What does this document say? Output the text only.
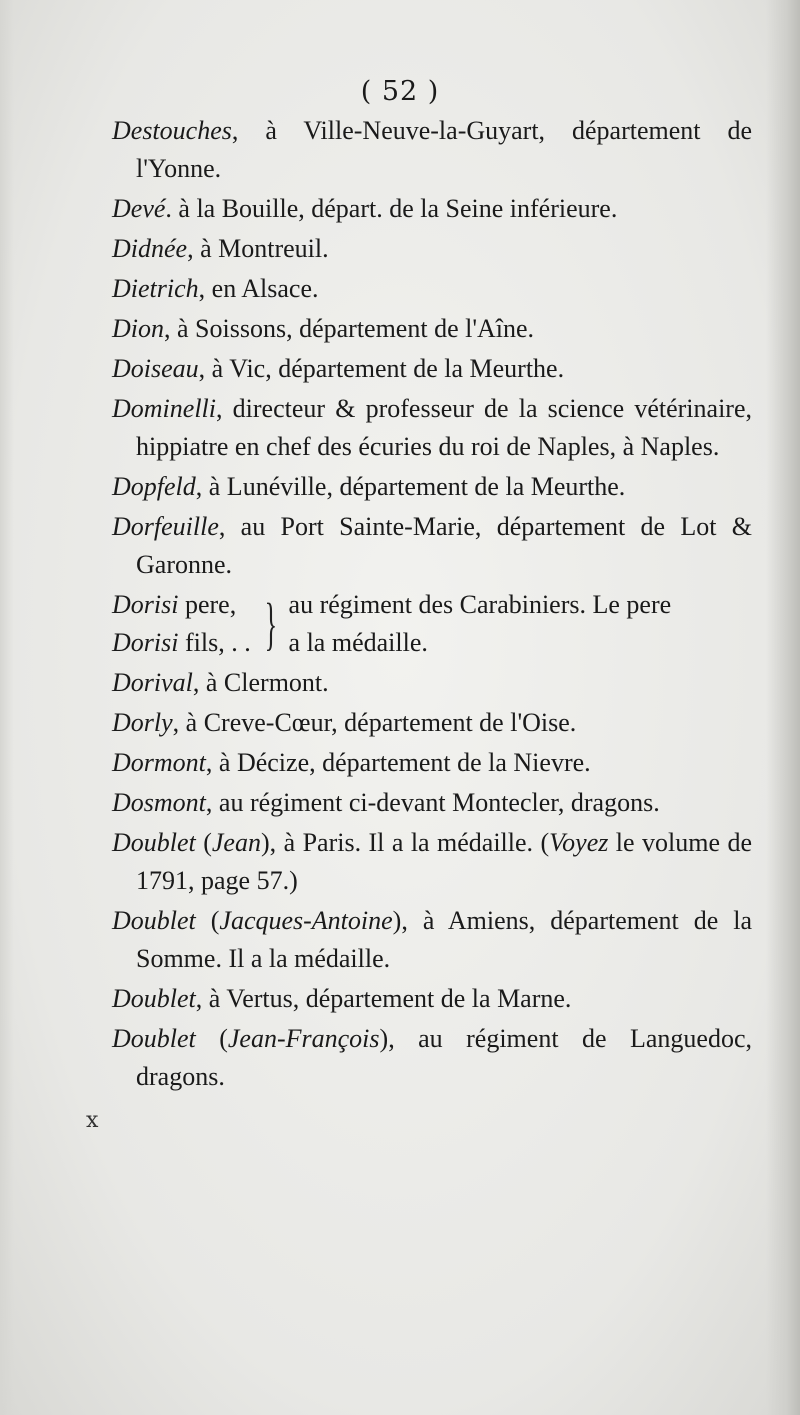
( 52 )
x

Destouches, à Ville-Neuve-la-Guyart, département de l'Yonne.

Devé. à la Bouille, départ. de la Seine inférieure.

Didnée, à Montreuil.

Dietrich, en Alsace.

Dion, à Soissons, département de l'Aîne.

Doiseau, à Vic, département de la Meurthe.

Dominelli, directeur & professeur de la science vétérinaire, hippiatre en chef des écuries du roi de Naples, à Naples.

Dopfeld, à Lunéville, département de la Meurthe.

Dorfeuille, au Port Sainte-Marie, département de Lot & Garonne.

Dorisi pere,
Dorisi fils, . . } au régiment des Carabiniers. Le pere
a la médaille.

Dorival, à Clermont.

Dorly, à Creve-Cœur, département de l'Oise.

Dormont, à Décize, département de la Nievre.

Dosmont, au régiment ci-devant Montecler, dragons.

Doublet (Jean), à Paris. Il a la médaille. (Voyez le volume de 1791, page 57.)

Doublet (Jacques-Antoine), à Amiens, département de la Somme. Il a la médaille.

Doublet, à Vertus, département de la Marne.

Doublet (Jean-François), au régiment de Languedoc, dragons.
